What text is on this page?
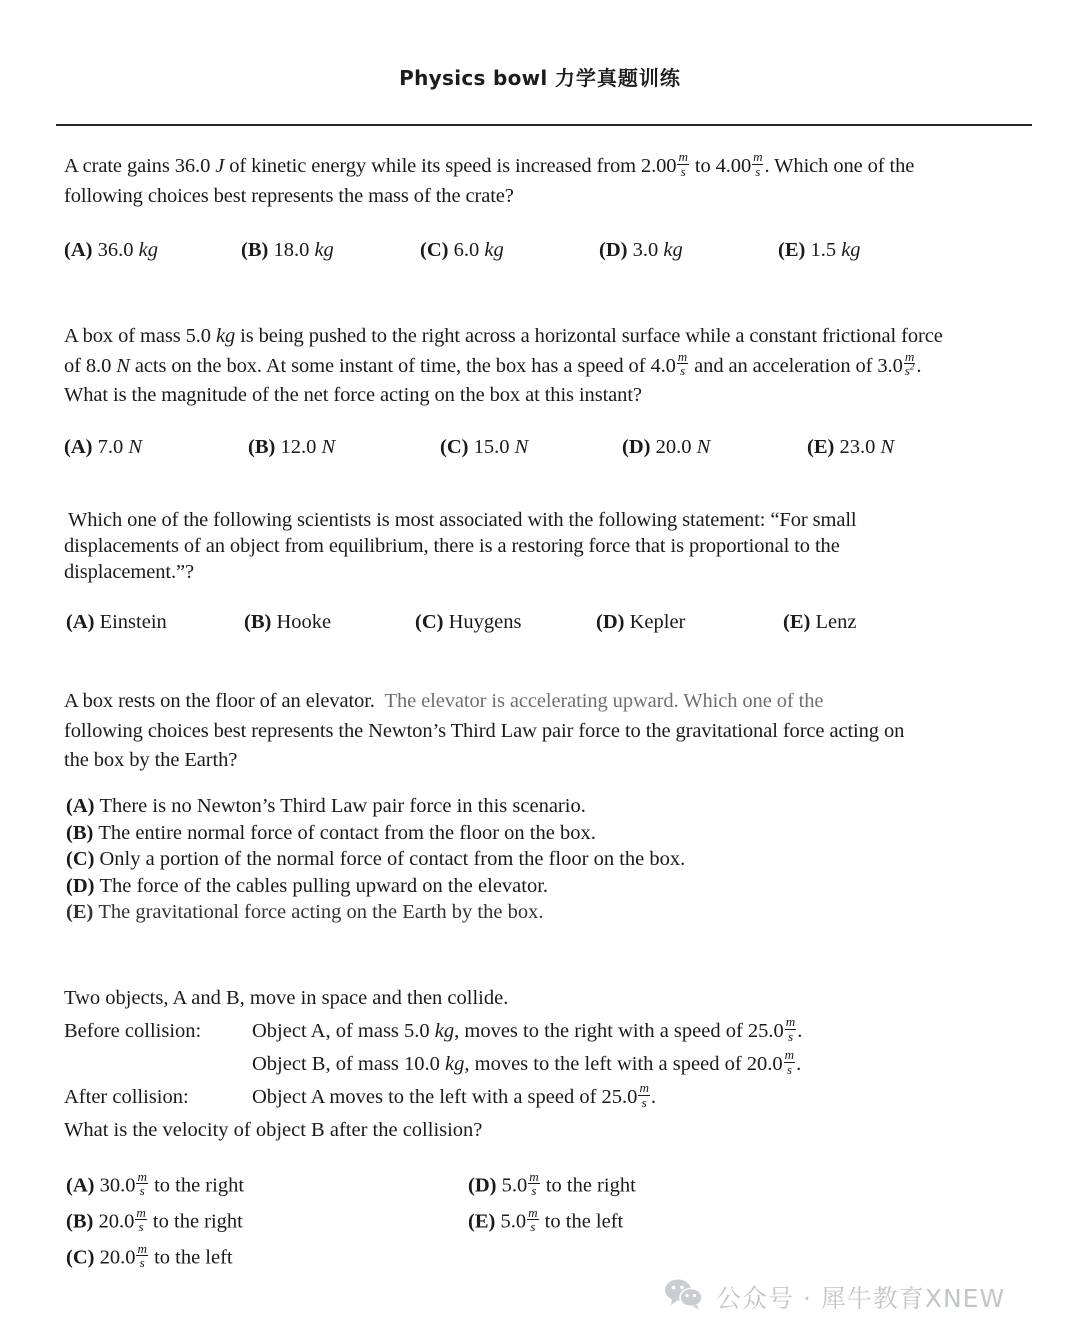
Physics bowl 力学真题训练

A crate gains 36.0 J of kinetic energy while its speed is increased from $2.00 \frac{m}{s}$ to $4.00 \frac{m}{s}$ . Which one of the

following choices best represents the mass of the crate?

(A) 36.0 kg	(B) 18.0 kg	(C) 6.0 kg	(D) 3.0 kg	(E) 1.5 kg

A box of mass 5.0 kg is being pushed to the right across a horizontal surface while a constant frictional force

of 8.0 N acts on the box. At some instant of time, the box has a speed of $4.0 \frac{m}{s}$ and an acceleration of $3.0 \frac{m}{s^2}$ .

What is the magnitude of the net force acting on the box at this instant?

(A) 7.0 N	(B) 12.0 N	(C) 15.0 N	(D) 20.0 N	(E) 23.0 N

Which one of the following scientists is most associated with the following statement: “For small

displacements of an object from equilibrium, there is a restoring force that is proportional to the

displacement.”?

(A) Einstein	(B) Hooke	(C) Huygens	(D) Kepler	(E) Lenz

A box rests on the floor of an elevator. The elevator is accelerating upward. Which one of the

following choices best represents the Newton’s Third Law pair force to the gravitational force acting on

the box by the Earth?

(A) There is no Newton’s Third Law pair force in this scenario.
(B) The entire normal force of contact from the floor on the box.
(C) Only a portion of the normal force of contact from the floor on the box.
(D) The force of the cables pulling upward on the elevator.
(E) The gravitational force acting on the Earth by the box.
Two objects, A and B, move in space and then collide.
Before collision: Object A, of mass 5.0 kg, moves to the right with a speed of $25.0 \frac{m}{s}$ .
Object B, of mass 10.0 kg, moves to the left with a speed of $20.0 \frac{m}{s}$ .
After collision:	Object A moves to the left with a speed of $25.0 \frac{m}{s}$ .
What is the velocity of object B after the collision?
(A) $30.0 \frac{m}{s}$ to the right
(B) $20.0 \frac{m}{s}$ to the right
(C) $20.0 \frac{m}{s}$ to the left
(D) $5.0 \frac{m}{s}$ to the right
(E) $5.0 \frac{m}{s}$ to the left
公众号 · 犀牛教育XNEW
